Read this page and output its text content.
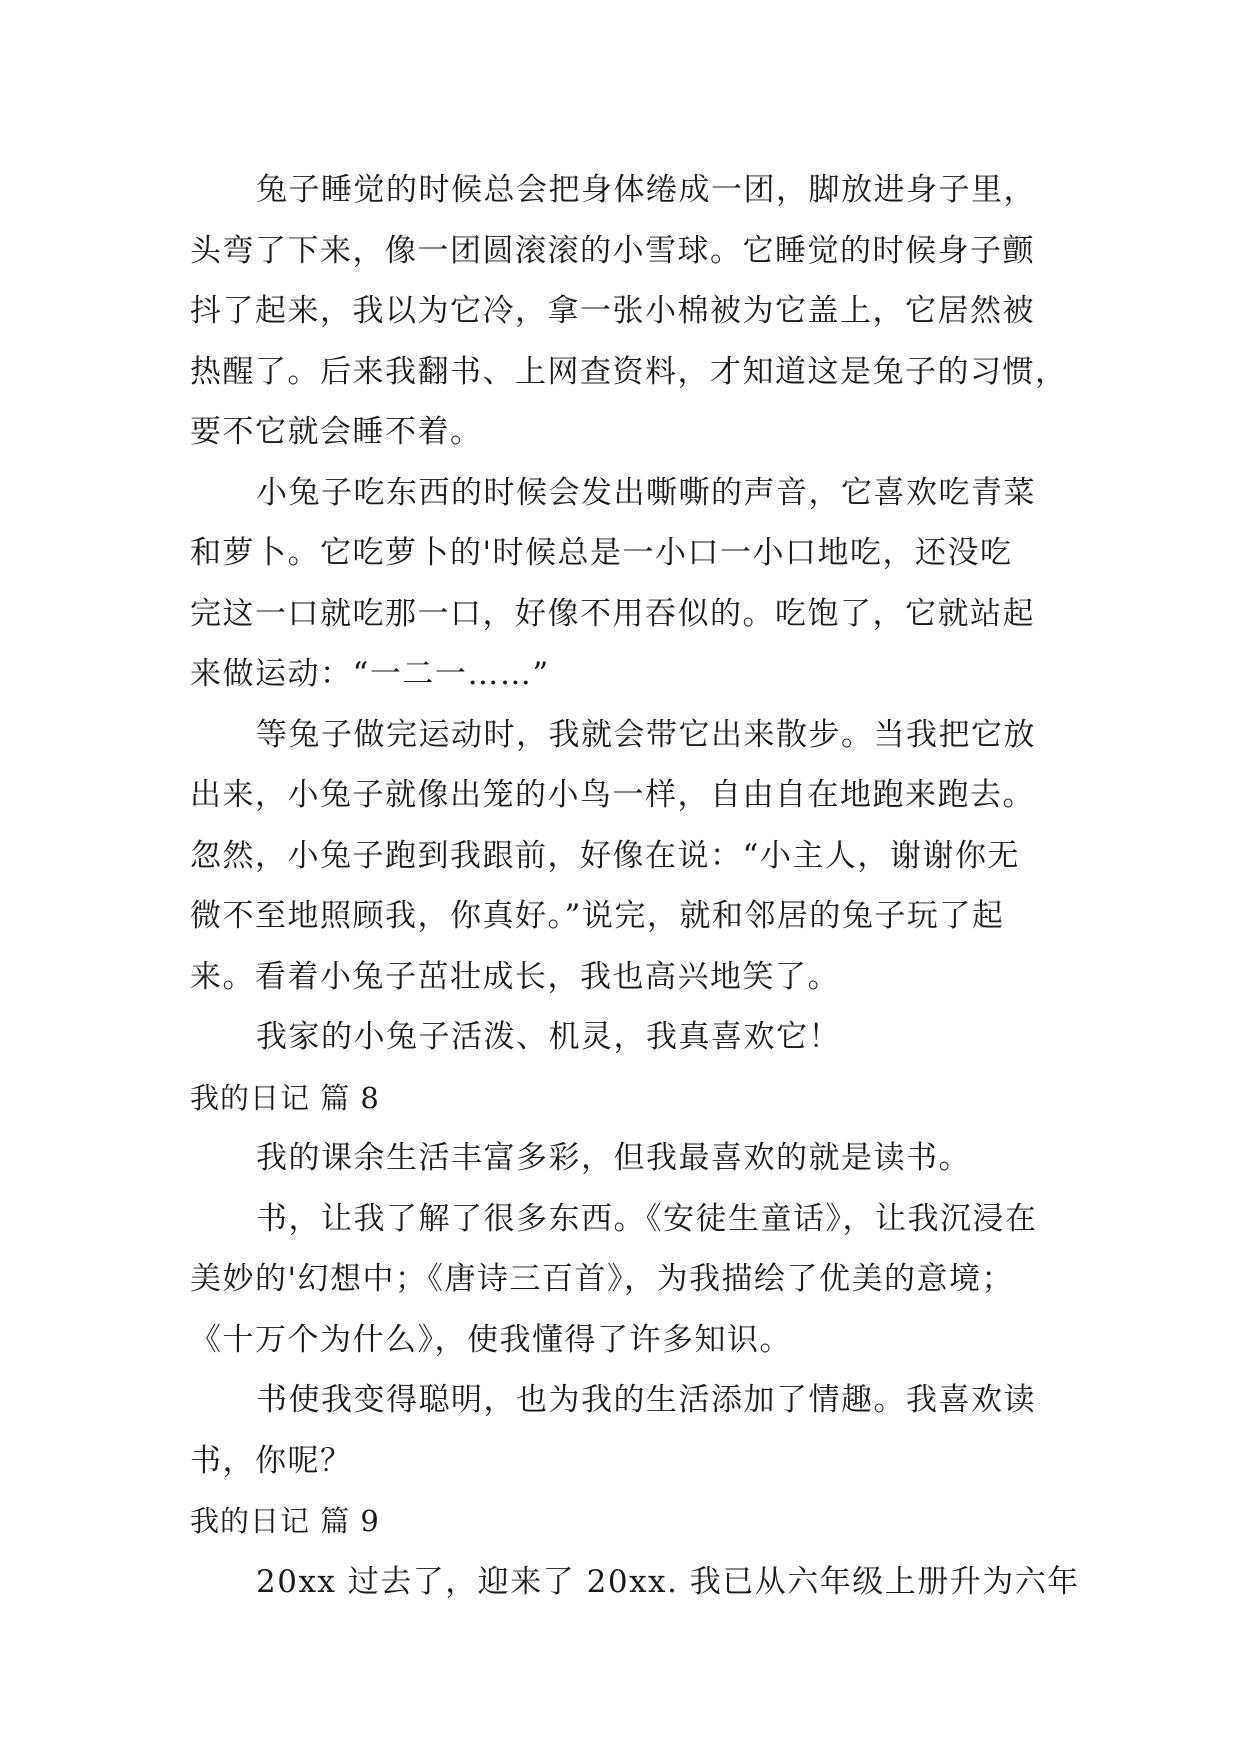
兔子睡觉的时候总会把身体绻成一团，脚放进身子里，
头弯了下来，像一团圆滚滚的小雪球。它睡觉的时候身子颤
抖了起来，我以为它冷，拿一张小棉被为它盖上，它居然被
热醒了。后来我翻书、上网查资料，才知道这是兔子的习惯，
要不它就会睡不着。
小兔子吃东西的时候会发出嘶嘶的声音，它喜欢吃青菜
和萝卜。它吃萝卜的'时候总是一小口一小口地吃，还没吃
完这一口就吃那一口，好像不用吞似的。吃饱了，它就站起
来做运动：“一二一……”
等兔子做完运动时，我就会带它出来散步。当我把它放
出来，小兔子就像出笼的小鸟一样，自由自在地跑来跑去。
忽然，小兔子跑到我跟前，好像在说：“小主人，谢谢你无
微不至地照顾我，你真好。”说完，就和邻居的兔子玩了起
来。看着小兔子茁壮成长，我也高兴地笑了。
我家的小兔子活泼、机灵，我真喜欢它！
我的日记 篇 8
我的课余生活丰富多彩，但我最喜欢的就是读书。
书，让我了解了很多东西。《安徒生童话》，让我沉浸在
美妙的'幻想中；《唐诗三百首》，为我描绘了优美的意境；
《十万个为什么》，使我懂得了许多知识。
书使我变得聪明，也为我的生活添加了情趣。我喜欢读
书，你呢？
我的日记 篇 9
20xx 过去了，迎来了 20xx. 我已从六年级上册升为六年
